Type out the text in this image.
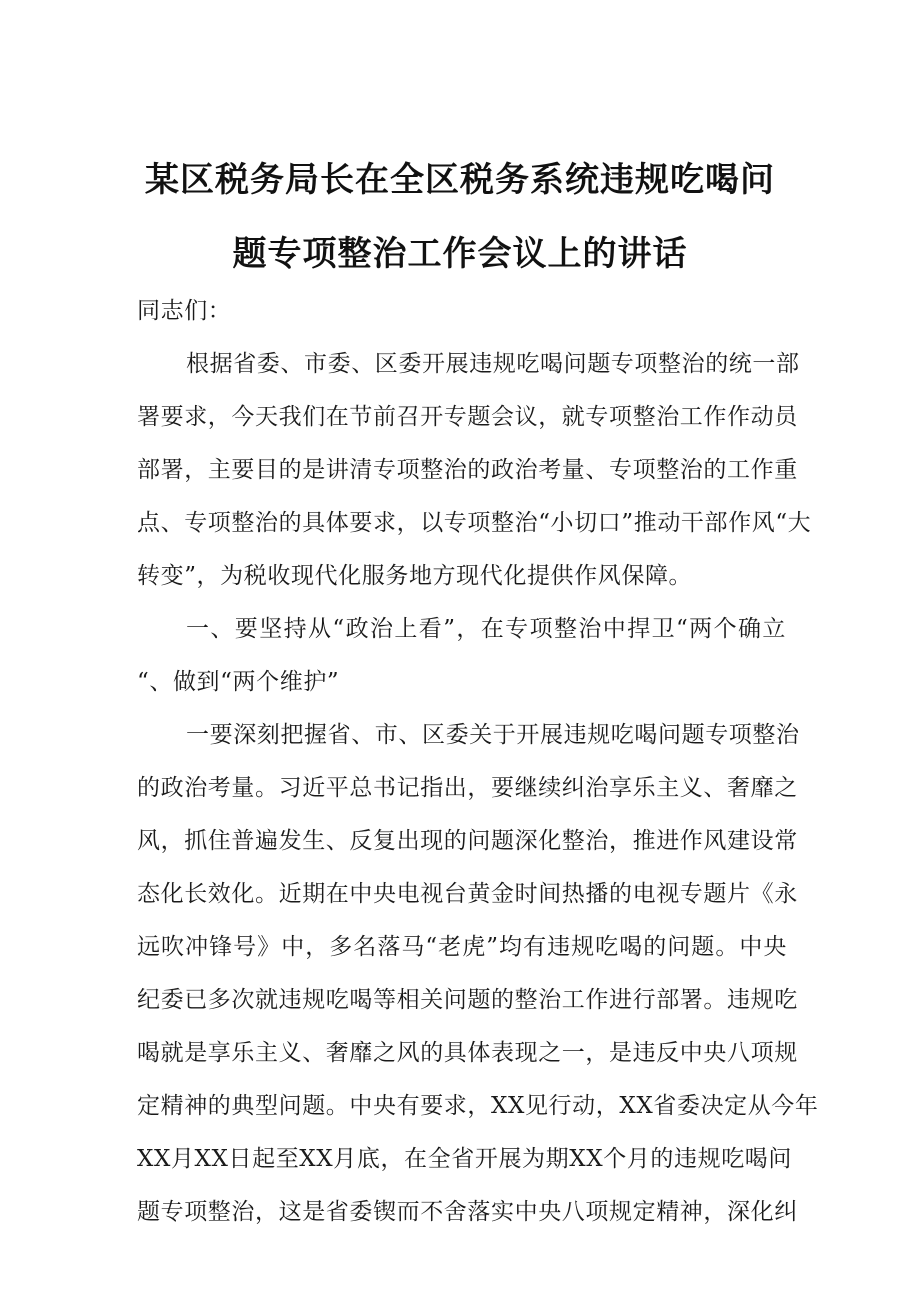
某区税务局长在全区税务系统违规吃喝问
题专项整治工作会议上的讲话
同志们：
根据省委、市委、区委开展违规吃喝问题专项整治的统一部
署要求，今天我们在节前召开专题会议，就专项整治工作作动员
部署，主要目的是讲清专项整治的政治考量、专项整治的工作重
点、专项整治的具体要求，以专项整治“小切口”推动干部作风“大
转变”，为税收现代化服务地方现代化提供作风保障。
一、要坚持从“政治上看”，在专项整治中捍卫“两个确立
“、做到“两个维护”
一要深刻把握省、市、区委关于开展违规吃喝问题专项整治
的政治考量。习近平总书记指出，要继续纠治享乐主义、奢靡之
风，抓住普遍发生、反复出现的问题深化整治，推进作风建设常
态化长效化。近期在中央电视台黄金时间热播的电视专题片《永
远吹冲锋号》中，多名落马“老虎”均有违规吃喝的问题。中央
纪委已多次就违规吃喝等相关问题的整治工作进行部署。违规吃
喝就是享乐主义、奢靡之风的具体表现之一，是违反中央八项规
定精神的典型问题。中央有要求，XX见行动，XX省委决定从今年
XX月XX日起至XX月底，在全省开展为期XX个月的违规吃喝问
题专项整治，这是省委锲而不舍落实中央八项规定精神，深化纠
